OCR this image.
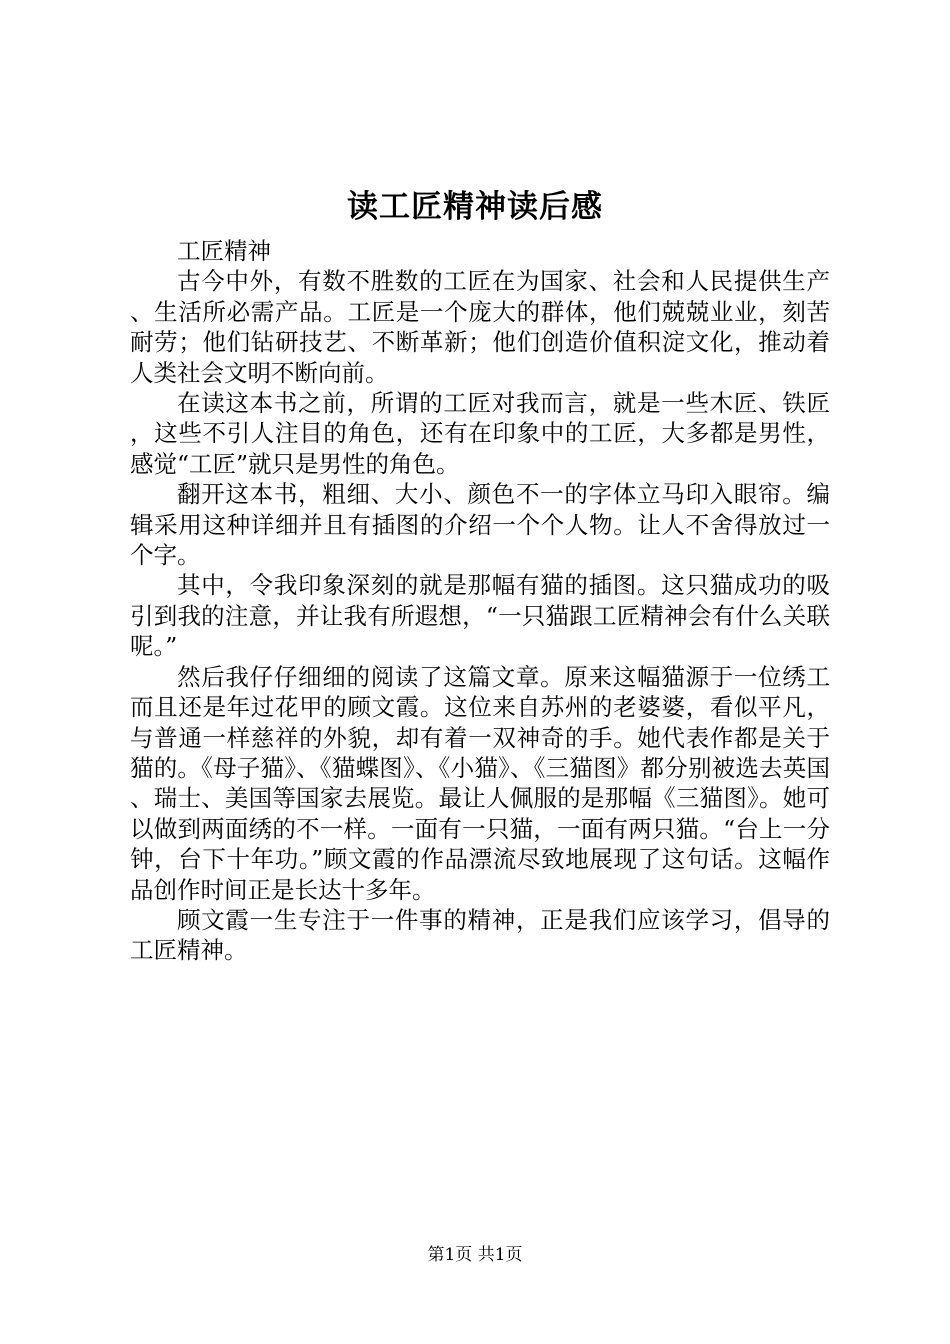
读工匠精神读后感

工匠精神

古今中外，有数不胜数的工匠在为国家、社会和人民提供生产、生活所必需产品。工匠是一个庞大的群体，他们兢兢业业，刻苦耐劳；他们钻研技艺、不断革新；他们创造价值积淀文化，推动着人类社会文明不断向前。

在读这本书之前，所谓的工匠对我而言，就是一些木匠、铁匠，这些不引人注目的角色，还有在印象中的工匠，大多都是男性，感觉“工匠”就只是男性的角色。

翻开这本书，粗细、大小、颜色不一的字体立马印入眼帘。编辑采用这种详细并且有插图的介绍一个个人物。让人不舍得放过一个字。

其中，令我印象深刻的就是那幅有猫的插图。这只猫成功的吸引到我的注意，并让我有所遐想，“一只猫跟工匠精神会有什么关联呢。”

然后我仔仔细细的阅读了这篇文章。原来这幅猫源于一位绣工而且还是年过花甲的顾文霞。这位来自苏州的老婆婆，看似平凡，与普通一样慈祥的外貌，却有着一双神奇的手。她代表作都是关于猫的。《母子猫》、《猫蝶图》、《小猫》、《三猫图》都分别被选去英国、瑞士、美国等国家去展览。最让人佩服的是那幅《三猫图》。她可以做到两面绣的不一样。一面有一只猫，一面有两只猫。“台上一分钟，台下十年功。”顾文霞的作品漂流尽致地展现了这句话。这幅作品创作时间正是长达十多年。

顾文霞一生专注于一件事的精神，正是我们应该学习，倡导的工匠精神。

第1页 共1页
